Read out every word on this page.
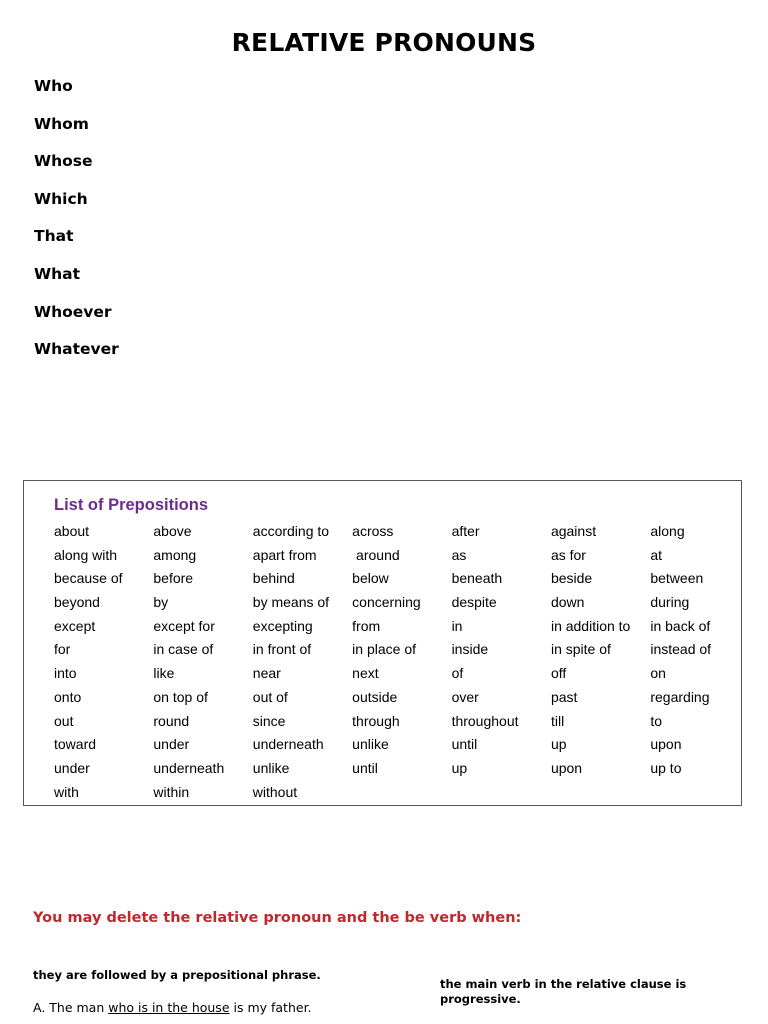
RELATIVE PRONOUNS
Who
Whom
Whose
Which
That
What
Whoever
Whatever
List of Prepositions
about	above	according to	across	after	against	along
along with	among	apart from	around	as	as for	at
because of	before	behind	below	beneath	beside	between
beyond	by	by means of	concerning	despite	down	during
except	except for	excepting	from	in	in addition to	in back of
for	in case of	in front of	in place of	inside	in spite of	instead of
into	like	near	next	of	off	on
onto	on top of	out of	outside	over	past	regarding
out	round	since	through	throughout	till	to
toward	under	underneath	unlike	until	up	upon
under	underneath	unlike	until	up	upon	up to
with	within	without
You may delete the relative pronoun and the be verb when:
they are followed by a prepositional phrase.
the main verb in the relative clause is progressive.
A. The man who is in the house is my father.
